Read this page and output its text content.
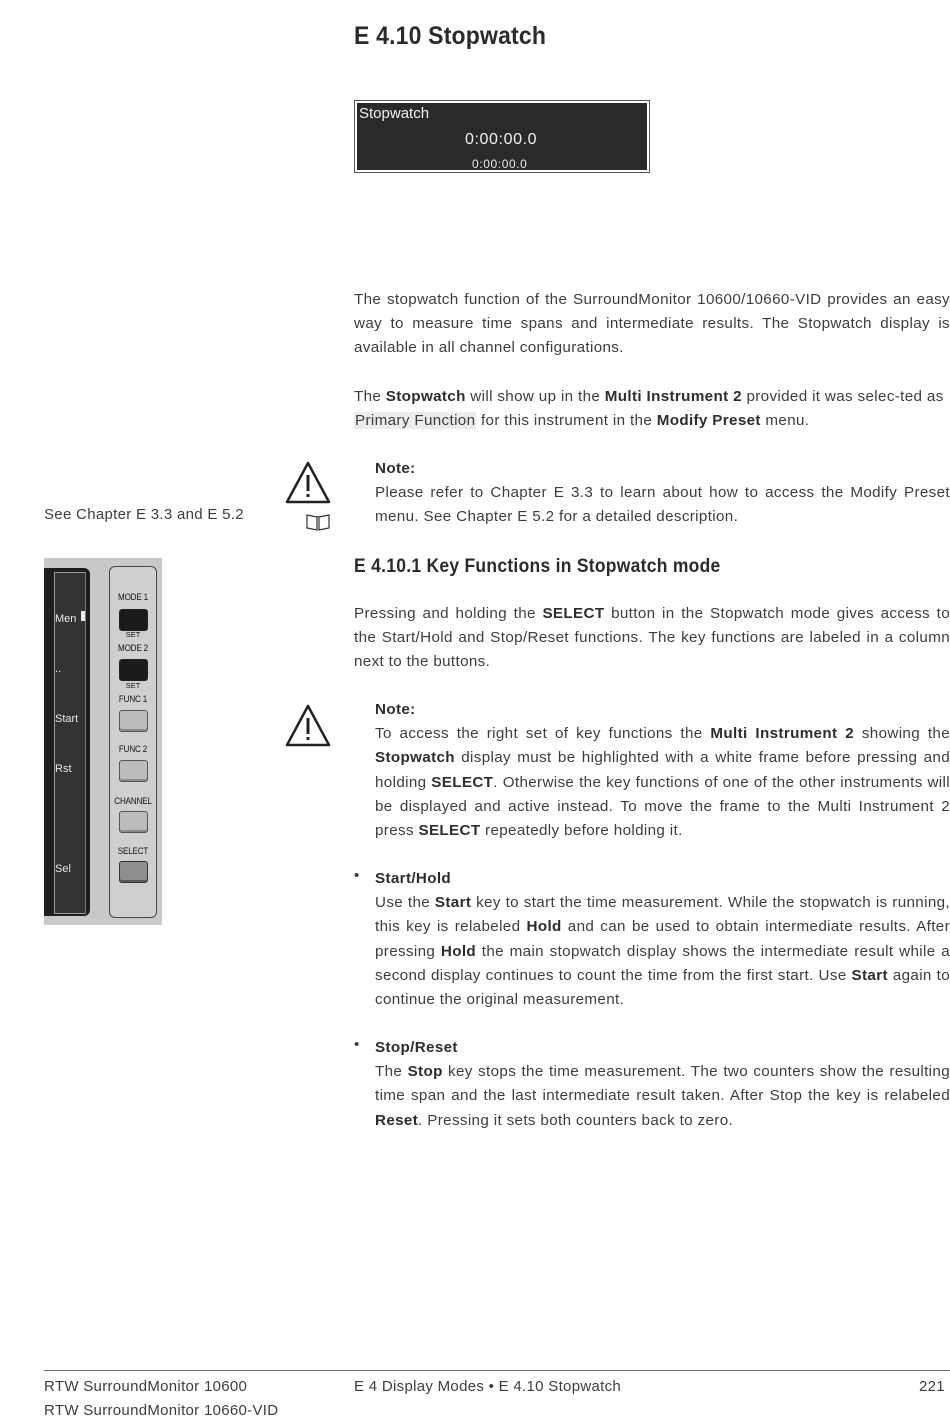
E 4.10 Stopwatch
Stopwatch
0:00:00.0
0:00:00.0
The stopwatch function of the SurroundMonitor 10600/10660-VID provides an easy way to measure time spans and intermediate results. The Stopwatch display is available in all channel configurations.
The Stopwatch will show up in the Multi Instrument 2 provided it was selec-ted as Primary Function for this instrument in the Modify Preset menu.
Note:

Please refer to Chapter E 3.3 to learn about how to access the Modify Preset menu. See Chapter E 5.2 for a detailed description.
See Chapter E 3.3 and E 5.2
E 4.10.1 Key Functions in Stopwatch mode
Pressing and holding the SELECT button in the Stopwatch mode gives access to the Start/Hold and Stop/Reset functions. The key functions are labeled in a column next to the buttons.
Men
..
Start
Rst
Sel
MODE 1
SET
MODE 2
SET
FUNC 1
FUNC 2
CHANNEL
SELECT
Note:

To access the right set of key functions the Multi Instrument 2 showing the Stopwatch display must be highlighted with a white frame before pressing and holding SELECT. Otherwise the key functions of one of the other instruments will be displayed and active instead. To move the frame to the Multi Instrument 2 press SELECT repeatedly before holding it.
• Start/Hold

Use the Start key to start the time measurement. While the stopwatch is running, this key is relabeled Hold and can be used to obtain intermediate results. After pressing Hold the main stopwatch display shows the intermediate result while a second display continues to count the time from the first start. Use Start again to continue the original measurement.
• Stop/Reset

The Stop key stops the time measurement. The two counters show the resulting time span and the last intermediate result taken. After Stop the key is relabeled Reset. Pressing it sets both counters back to zero.
RTW SurroundMonitor 10600
RTW SurroundMonitor 10660-VID
E 4 Display Modes • E 4.10 Stopwatch	221
